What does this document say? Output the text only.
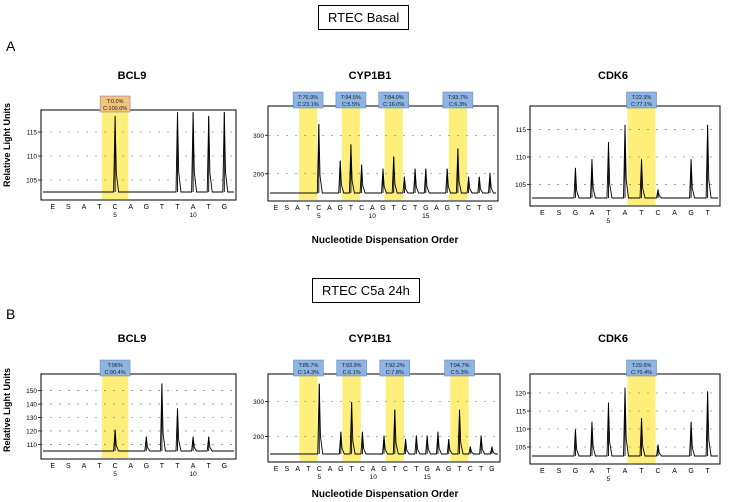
RTEC Basal
A
Relative Light Units
Nucleotide Dispensation Order
BCL9	CYP1B1	CDK6
105
110
115
E S A T C A G T T A T G
5	10
T:0.0%
C:100.0%
200
300
E S A T C A G T C A G T C T G A G T C T G
5	10	15
T:76.9%
C:23.1%
T:94.5%
C:5.5%
T:84.0%
C:16.0%
T:93.7%
C:6.3%
105
110
115
E S G A T A T C A G T
5
T:22.9%
C:77.1%
RTEC C5a 24h
B
Relative Light Units
Nucleotide Dispensation Order
BCL9	CYP1B1	CDK6
110
120
130
140
150
E S A T C A G T T A T G
5	10
T:96%
C:90.4%
200
300
E S A T C A G T C A G T C T G A G T C T G
5	10	15
T:85.7%
C:14.3%
T:93.9%
C:6.1%
T:92.2%
C:7.8%
T:94.7%
C:5.3%
105
110
115
120
E S G A T A T C A G T
5
T:29.6%
C:70.4%
